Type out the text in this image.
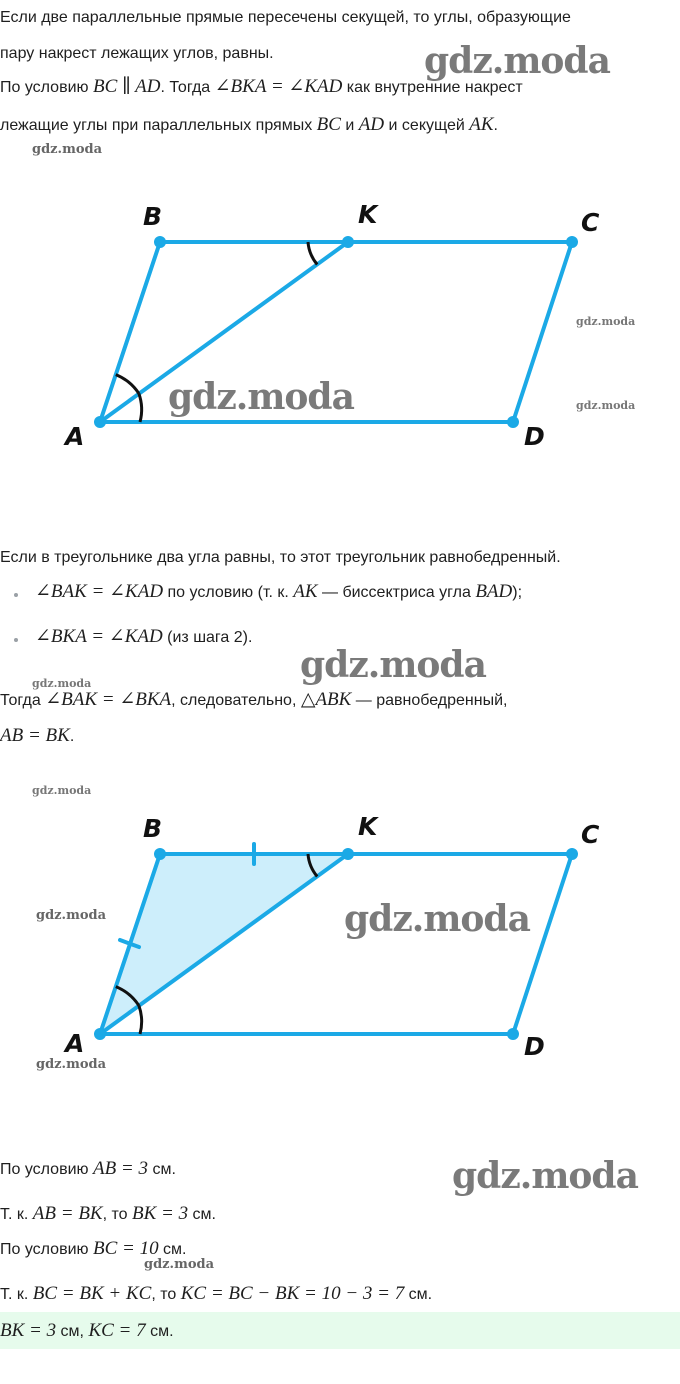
Если две параллельные прямые пересечены секущей, то углы, образующие
пару накрест лежащих углов, равны.
По условию BC ∥ AD. Тогда ∠BKA = ∠KAD как внутренние накрест
лежащие углы при параллельных прямых BC и AD и секущей AK.
B	K	C
A	D
Если в треугольнике два угла равны, то этот треугольник равнобедренный.
∠BAK = ∠KAD по условию (т. к. AK — биссектриса угла BAD);
∠BKA = ∠KAD (из шага 2).
Тогда ∠BAK = ∠BKA, следовательно, △ABK — равнобедренный,
AB = BK.
B	K	C
A	D
По условию AB = 3 см.
Т. к. AB = BK, то BK = 3 см.
По условию BC = 10 см.
Т. к. BC = BK + KC, то KC = BC − BK = 10 − 3 = 7 см.
BK = 3 см, KC = 7 см.
gdz.moda
gdz.moda
gdz.moda
gdz.moda	gdz.moda
gdz.moda
gdz.moda
gdz.moda
gdz.moda	gdz.moda
gdz.moda
gdz.moda
gdz.moda
